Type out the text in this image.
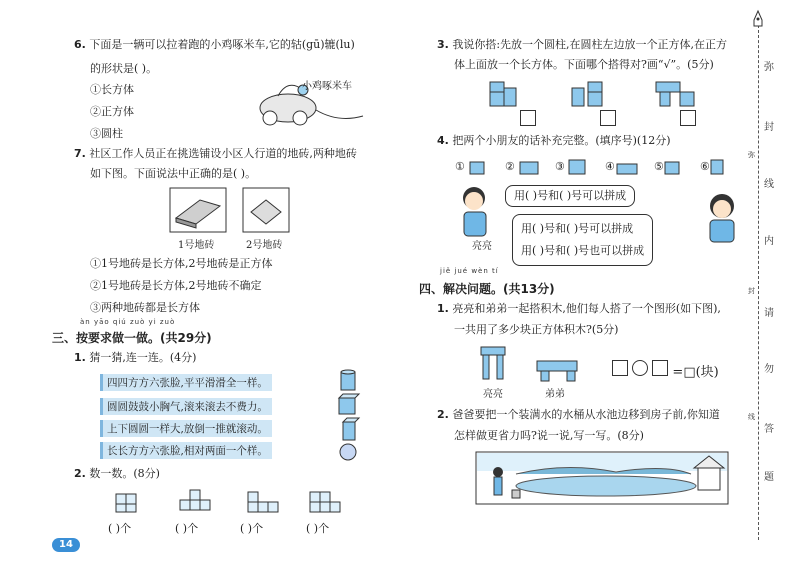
6. 下面是一辆可以拉着跑的小鸡啄米车,它的轱(gū)辘(lu)
的形状是( )。
①长方体
②正方体
③圆柱
小鸡啄米车
7. 社区工作人员正在挑选铺设小区人行道的地砖,两种地砖
如下图。下面说法中正确的是( )。
1号地砖	2号地砖
①1号地砖是长方体,2号地砖是正方体
②1号地砖是长方体,2号地砖不确定
③两种地砖都是长方体
àn yāo qiú zuò yi zuò
三、按要求做一做。(共29分)
1. 猜一猜,连一连。(4分)
四四方方六张脸,平平滑滑全一样。
圆圆鼓鼓小胸气,滚来滚去不费力。
上下圆圆一样大,放倒一推就滚动。
长长方方六张脸,相对两面一个样。
2. 数一数。(8分)
( )个	( )个	( )个	( )个
14
3. 我说你搭:先放一个圆柱,在圆柱左边放一个正方体,在正方
体上面放一个长方体。下面哪个搭得对?画“√”。(5分)
4. 把两个小朋友的话补充完整。(填序号)(12分)
①	②	③	④	⑤	⑥
亮亮
用( )号和( )号可以拼成
用( )号和( )号可以拼成
用( )号和( )号也可以拼成
jiě jué wèn tí
四、解决问题。(共13分)
1. 亮亮和弟弟一起搭积木,他们每人搭了一个图形(如下图),
一共用了多少块正方体积木?(5分)
亮亮	弟弟
=□(块)
2. 爸爸要把一个装满水的水桶从水池边移到房子前,你知道
怎样做更省力吗?说一说,写一写。(8分)
弥
封
线
内
请
勿
答
题
弥
封
线
